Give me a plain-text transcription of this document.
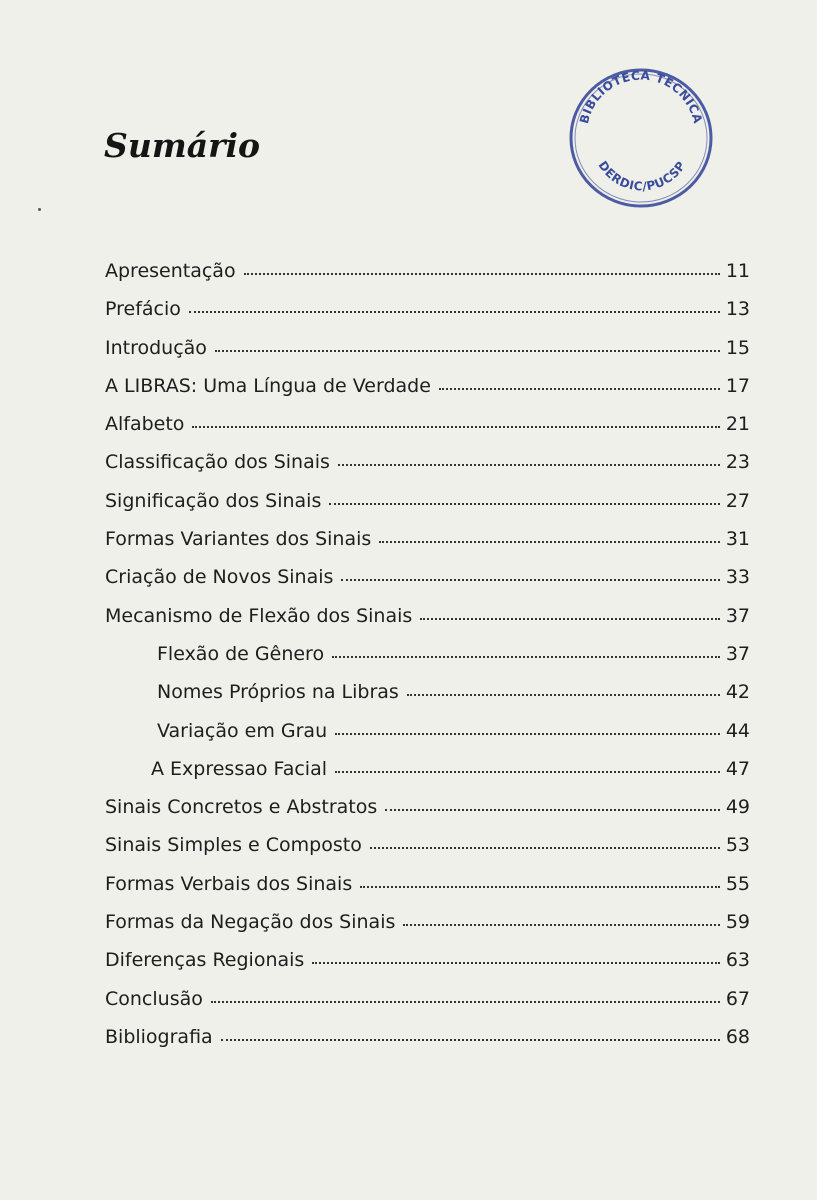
Sumário
BIBLIOTECA TECNICA
DERDIC/PUCSP
Apresentação	11
Prefácio	13
Introdução	15
A LIBRAS: Uma Língua de Verdade	17
Alfabeto	21
Classificação dos Sinais	23
Significação dos Sinais	27
Formas Variantes dos Sinais	31
Criação de Novos Sinais	33
Mecanismo de Flexão dos Sinais	37
Flexão de Gênero	37
Nomes Próprios na Libras	42
Variação em Grau	44
A Expressao Facial	47
Sinais Concretos e Abstratos	49
Sinais Simples e Composto	53
Formas Verbais dos Sinais	55
Formas da Negação dos Sinais	59
Diferenças Regionais	63
Conclusão	67
Bibliografia	68
